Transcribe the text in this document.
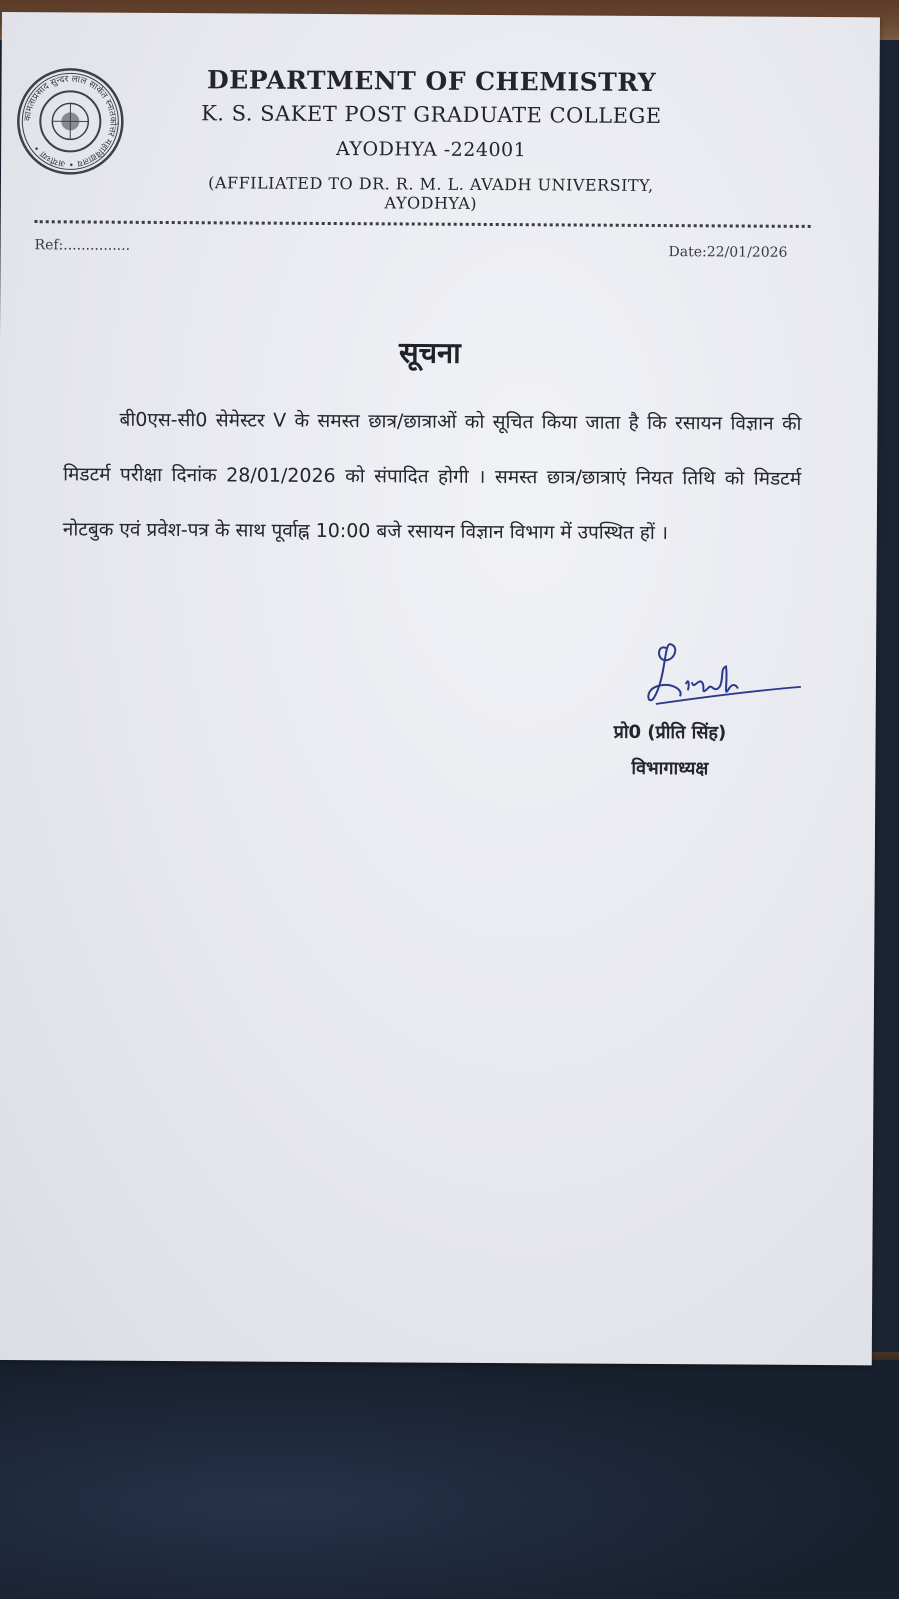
कामताप्रसाद सुन्दर लाल साकेत स्नातकोत्तर महाविद्यालय • अयोध्या •
DEPARTMENT OF CHEMISTRY
K. S. SAKET POST GRADUATE COLLEGE
AYODHYA -224001
(AFFILIATED TO DR. R. M. L. AVADH UNIVERSITY, AYODHYA)
Ref:...............	Date:22/01/2026
सूचना
बी0एस-सी0 सेमेस्टर V के समस्त छात्र/छात्राओं को सूचित किया जाता है कि रसायन विज्ञान की मिडटर्म परीक्षा दिनांक 28/01/2026 को संपादित होगी । समस्त छात्र/छात्राएं नियत तिथि को मिडटर्म नोटबुक एवं प्रवेश-पत्र के साथ पूर्वाह्न 10:00 बजे रसायन विज्ञान विभाग में उपस्थित हों ।
प्रो0 (प्रीति सिंह)
विभागाध्यक्ष
